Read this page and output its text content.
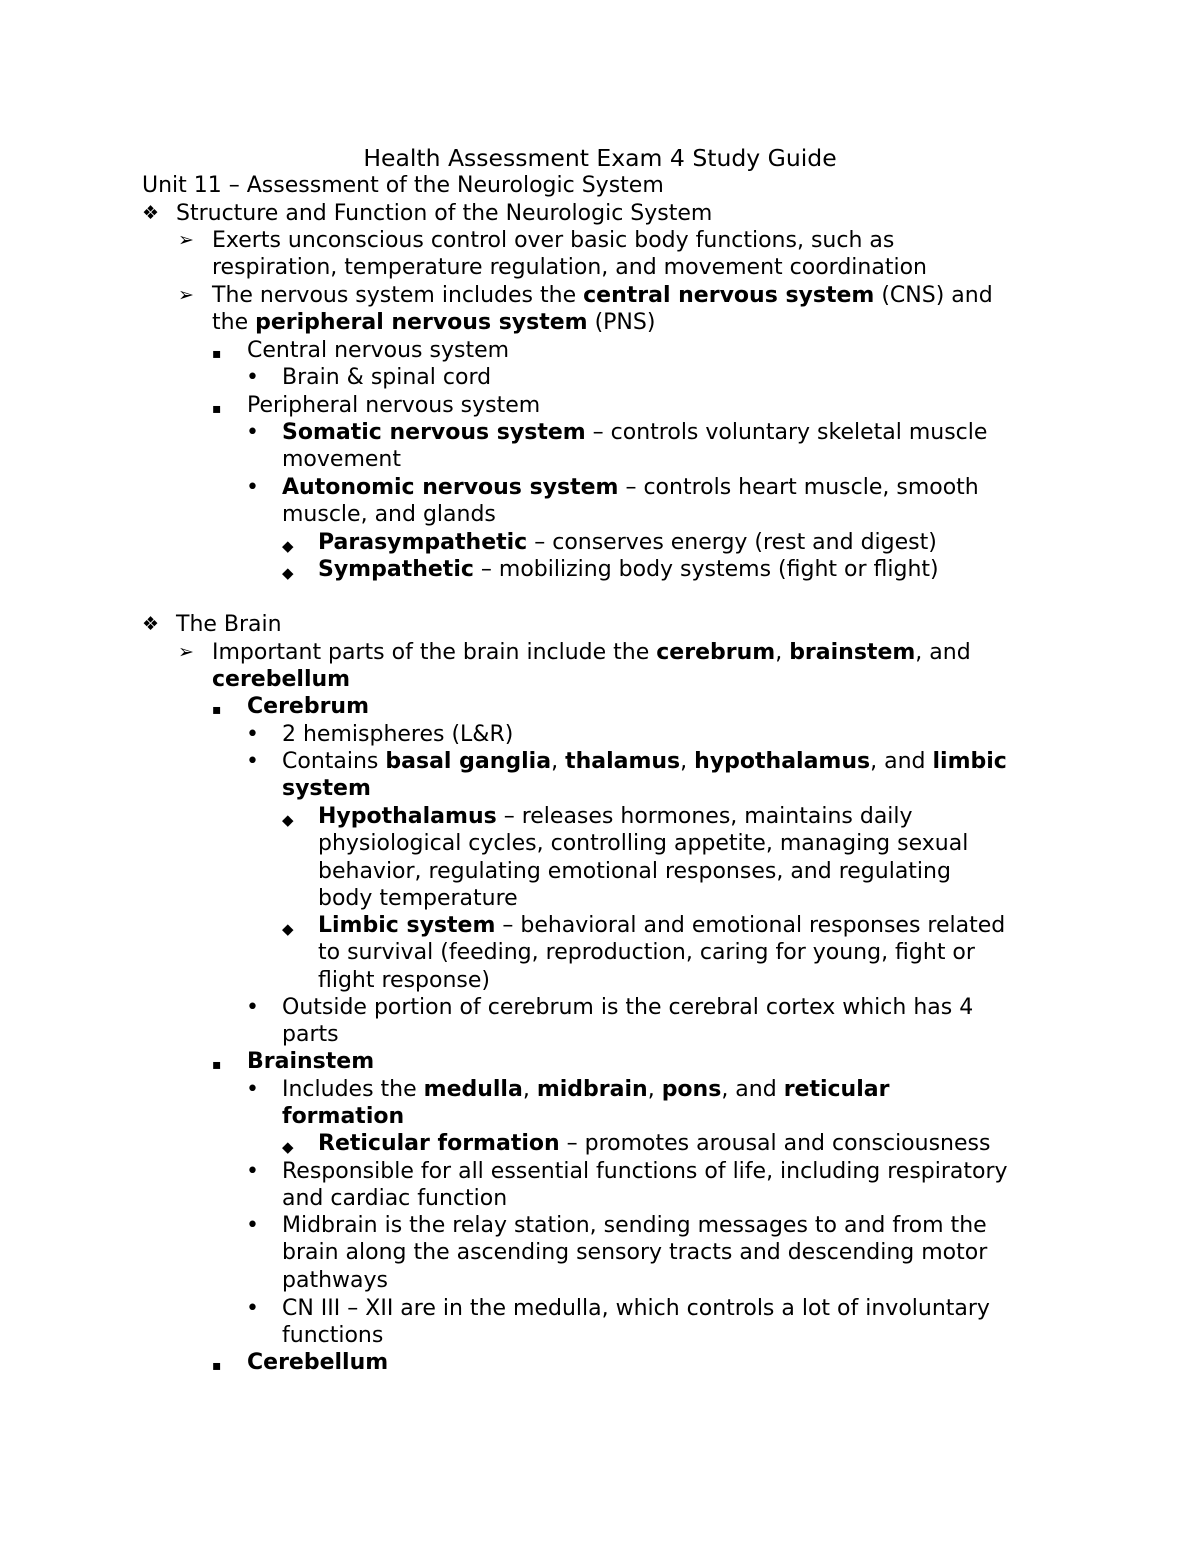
Health Assessment Exam 4 Study Guide
Unit 11 – Assessment of the Neurologic System
❖ Structure and Function of the Neurologic System
➢ Exerts unconscious control over basic body functions, such as
respiration, temperature regulation, and movement coordination
➢ The nervous system includes the central nervous system (CNS) and
the peripheral nervous system (PNS)
▪	Central nervous system
•	Brain & spinal cord
▪	Peripheral nervous system
•	Somatic nervous system – controls voluntary skeletal muscle
movement
•	Autonomic nervous system – controls heart muscle, smooth
muscle, and glands
◆	Parasympathetic – conserves energy (rest and digest)
◆	Sympathetic – mobilizing body systems (fight or flight)
❖ The Brain
➢ Important parts of the brain include the cerebrum, brainstem, and
cerebellum
▪	Cerebrum
•	2 hemispheres (L&R)
•	Contains basal ganglia, thalamus, hypothalamus, and limbic
system
◆	Hypothalamus – releases hormones, maintains daily
physiological cycles, controlling appetite, managing sexual
behavior, regulating emotional responses, and regulating
body temperature
◆	Limbic system – behavioral and emotional responses related
to survival (feeding, reproduction, caring for young, fight or
flight response)
•	Outside portion of cerebrum is the cerebral cortex which has 4
parts
▪	Brainstem
•	Includes the medulla, midbrain, pons, and reticular
formation
◆	Reticular formation – promotes arousal and consciousness
•	Responsible for all essential functions of life, including respiratory
and cardiac function
•	Midbrain is the relay station, sending messages to and from the
brain along the ascending sensory tracts and descending motor
pathways
•	CN III – XII are in the medulla, which controls a lot of involuntary
functions
▪	Cerebellum
